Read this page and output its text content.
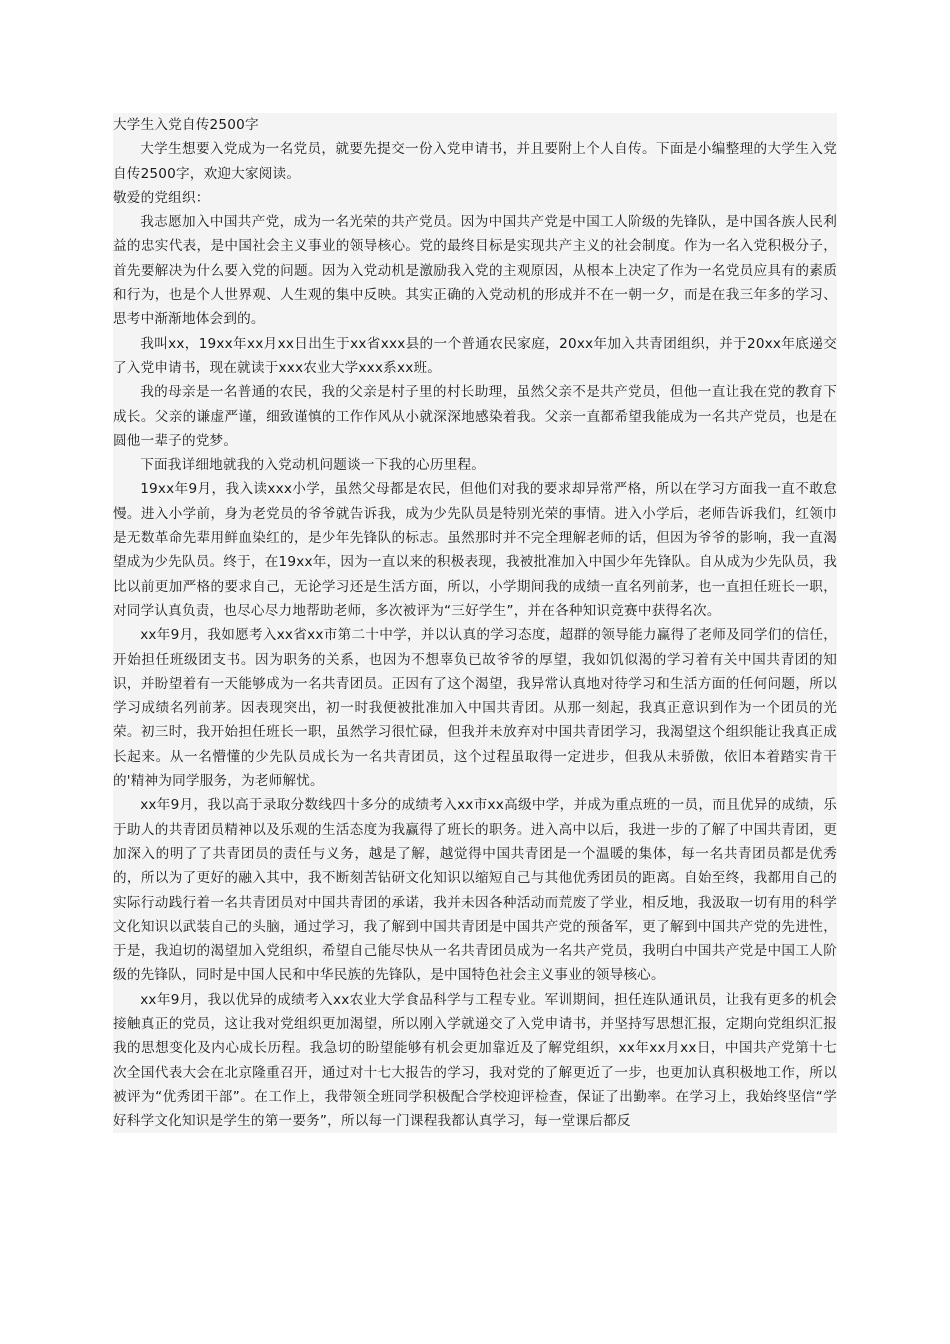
大学生入党自传2500字

大学生想要入党成为一名党员，就要先提交一份入党申请书，并且要附上个人自传。下面是小编整理的大学生入党自传2500字，欢迎大家阅读。

敬爱的党组织：

我志愿加入中国共产党，成为一名光荣的共产党员。因为中国共产党是中国工人阶级的先锋队，是中国各族人民利益的忠实代表，是中国社会主义事业的领导核心。党的最终目标是实现共产主义的社会制度。作为一名入党积极分子，首先要解决为什么要入党的问题。因为入党动机是激励我入党的主观原因，从根本上决定了作为一名党员应具有的素质和行为，也是个人世界观、人生观的集中反映。其实正确的入党动机的形成并不在一朝一夕，而是在我三年多的学习、思考中渐渐地体会到的。

我叫xx，19xx年xx月xx日出生于xx省xxx县的一个普通农民家庭，20xx年加入共青团组织，并于20xx年底递交了入党申请书，现在就读于xxx农业大学xxx系xx班。

我的母亲是一名普通的农民，我的父亲是村子里的村长助理，虽然父亲不是共产党员，但他一直让我在党的教育下成长。父亲的谦虚严谨，细致谨慎的工作作风从小就深深地感染着我。父亲一直都希望我能成为一名共产党员，也是在圆他一辈子的党梦。

下面我详细地就我的入党动机问题谈一下我的心历里程。

19xx年9月，我入读xxx小学，虽然父母都是农民，但他们对我的要求却异常严格，所以在学习方面我一直不敢怠慢。进入小学前，身为老党员的爷爷就告诉我，成为少先队员是特别光荣的事情。进入小学后，老师告诉我们，红领巾是无数革命先辈用鲜血染红的，是少年先锋队的标志。虽然那时并不完全理解老师的话，但因为爷爷的影响，我一直渴望成为少先队员。终于，在19xx年，因为一直以来的积极表现，我被批准加入中国少年先锋队。自从成为少先队员，我比以前更加严格的要求自己，无论学习还是生活方面，所以，小学期间我的成绩一直名列前茅，也一直担任班长一职，对同学认真负责，也尽心尽力地帮助老师，多次被评为“三好学生”，并在各种知识竞赛中获得名次。

xx年9月，我如愿考入xx省xx市第二十中学，并以认真的学习态度，超群的领导能力赢得了老师及同学们的信任，开始担任班级团支书。因为职务的关系，也因为不想辜负已故爷爷的厚望，我如饥似渴的学习着有关中国共青团的知识，并盼望着有一天能够成为一名共青团员。正因有了这个渴望，我异常认真地对待学习和生活方面的任何问题，所以学习成绩名列前茅。因表现突出，初一时我便被批准加入中国共青团。从那一刻起，我真正意识到作为一个团员的光荣。初三时，我开始担任班长一职，虽然学习很忙碌，但我并未放弃对中国共青团学习，我渴望这个组织能让我真正成长起来。从一名懵懂的少先队员成长为一名共青团员，这个过程虽取得一定进步，但我从未骄傲，依旧本着踏实肯干的'精神为同学服务，为老师解忧。

xx年9月，我以高于录取分数线四十多分的成绩考入xx市xx高级中学，并成为重点班的一员，而且优异的成绩，乐于助人的共青团员精神以及乐观的生活态度为我赢得了班长的职务。进入高中以后，我进一步的了解了中国共青团，更加深入的明了了共青团员的责任与义务，越是了解，越觉得中国共青团是一个温暖的集体，每一名共青团员都是优秀的，所以为了更好的融入其中，我不断刻苦钻研文化知识以缩短自己与其他优秀团员的距离。自始至终，我都用自己的实际行动践行着一名共青团员对中国共青团的承诺，我并未因各种活动而荒废了学业，相反地，我汲取一切有用的科学文化知识以武装自己的头脑，通过学习，我了解到中国共青团是中国共产党的预备军，更了解到中国共产党的先进性，于是，我迫切的渴望加入党组织，希望自己能尽快从一名共青团员成为一名共产党员，我明白中国共产党是中国工人阶级的先锋队，同时是中国人民和中华民族的先锋队，是中国特色社会主义事业的领导核心。

xx年9月，我以优异的成绩考入xx农业大学食品科学与工程专业。军训期间，担任连队通讯员，让我有更多的机会接触真正的党员，这让我对党组织更加渴望，所以刚入学就递交了入党申请书，并坚持写思想汇报，定期向党组织汇报我的思想变化及内心成长历程。我急切的盼望能够有机会更加靠近及了解党组织，xx年xx月xx日，中国共产党第十七次全国代表大会在北京隆重召开，通过对十七大报告的学习，我对党的了解更近了一步，也更加认真积极地工作，所以被评为“优秀团干部”。在工作上，我带领全班同学积极配合学校迎评检查，保证了出勤率。在学习上，我始终坚信“学好科学文化知识是学生的第一要务”，所以每一门课程我都认真学习，每一堂课后都反
